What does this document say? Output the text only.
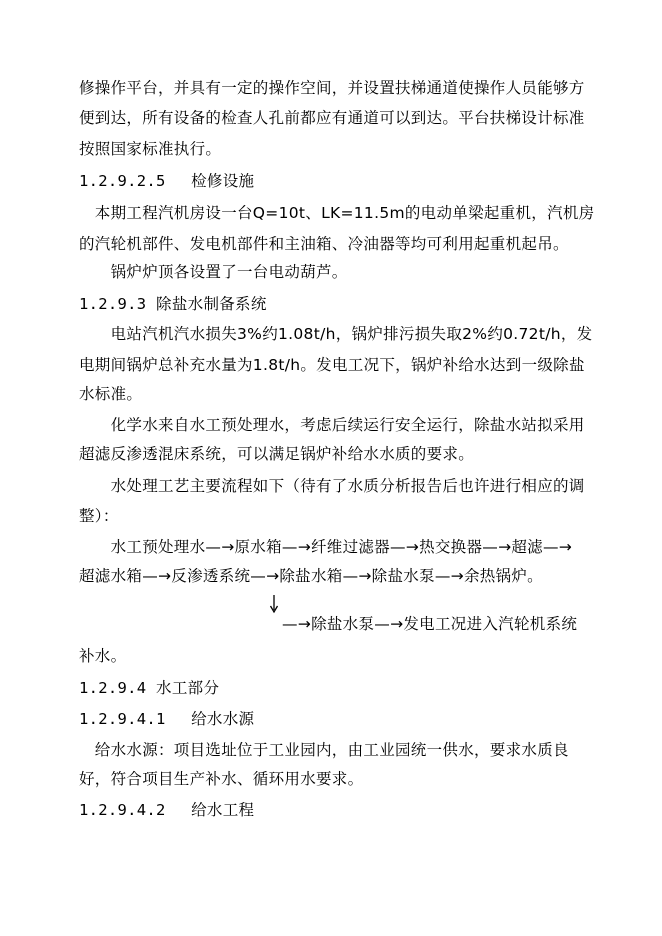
修操作平台，并具有一定的操作空间，并设置扶梯通道使操作人员能够方
便到达，所有设备的检查人孔前都应有通道可以到达。平台扶梯设计标准
按照国家标准执行。
1.2.9.2.5　 检修设施
　本期工程汽机房设一台Q=10t、LK=11.5m的电动单梁起重机，汽机房
的汽轮机部件、发电机部件和主油箱、冷油器等均可利用起重机起吊。
　　锅炉炉顶各设置了一台电动葫芦。
1.2.9.3 除盐水制备系统
　　电站汽机汽水损失3%约1.08t/h，锅炉排污损失取2%约0.72t/h，发
电期间锅炉总补充水量为1.8t/h。发电工况下，锅炉补给水达到一级除盐
水标准。
　　化学水来自水工预处理水，考虑后续运行安全运行，除盐水站拟采用
超滤反渗透混床系统，可以满足锅炉补给水水质的要求。
　　水处理工艺主要流程如下（待有了水质分析报告后也许进行相应的调
整）：
　　水工预处理水—→原水箱—→纤维过滤器—→热交换器—→超滤—→
超滤水箱—→反渗透系统—→除盐水箱—→除盐水泵—→余热锅炉。
—→除盐水泵—→发电工况进入汽轮机系统
补水。
1.2.9.4 水工部分
1.2.9.4.1　 给水水源
　给水水源：项目选址位于工业园内，由工业园统一供水，要求水质良
好，符合项目生产补水、循环用水要求。
1.2.9.4.2　 给水工程
